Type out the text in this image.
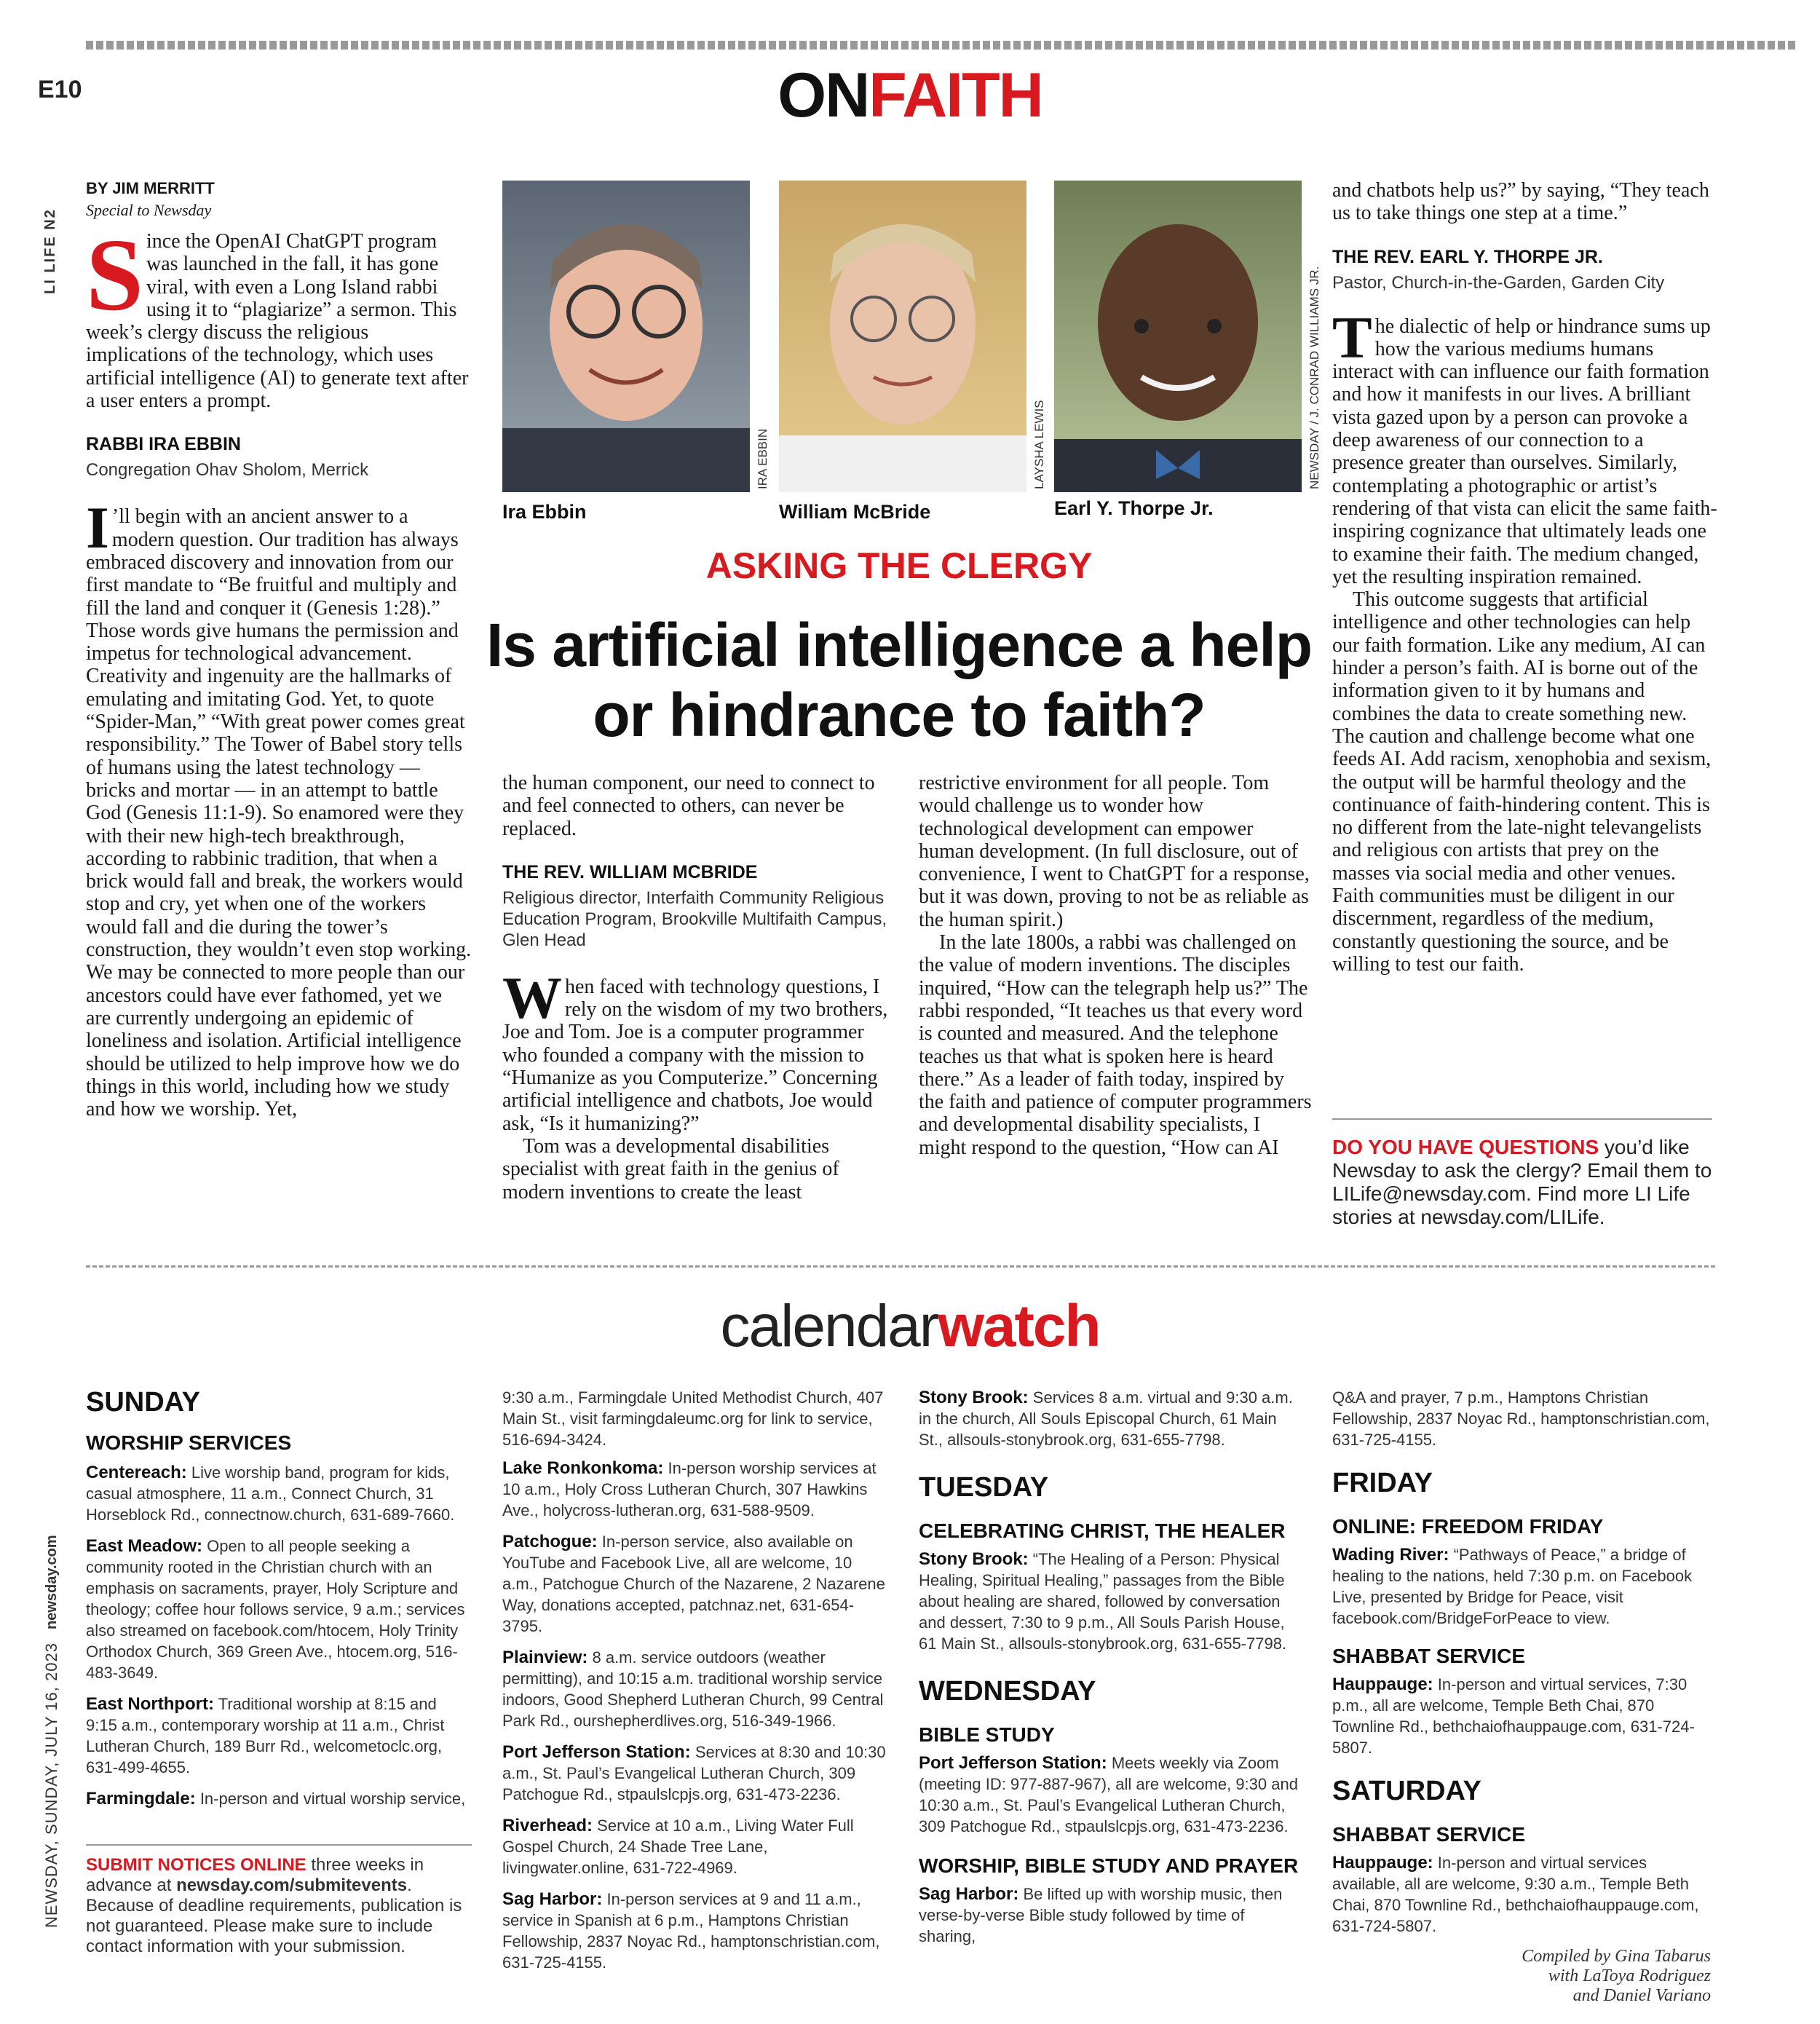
E10	ONFAITH
LI LIFE N2
NEWSDAY, SUNDAY, JULY 16, 2023
newsday.com
BY JIM MERRITT
Special to Newsday
Since the OpenAI ChatGPT program was launched in the fall, it has gone viral, with even a Long Island rabbi using it to “plagiarize” a sermon. This week’s clergy discuss the religious implications of the technology, which uses artificial intelligence (AI) to generate text after a user enters a prompt.
RABBI IRA EBBIN
Congregation Ohav Sholom, Merrick
I ’ll begin with an ancient answer to a modern question. Our tradition has always embraced discovery and innovation from our first mandate to “Be fruitful and multiply and fill the land and conquer it (Genesis 1:28).” Those words give humans the permission and impetus for technological advancement. Creativity and ingenuity are the hallmarks of emulating and imitating God. Yet, to quote “Spider-Man,” “With great power comes great responsibility.” The Tower of Babel story tells of humans using the latest technology — bricks and mortar — in an attempt to battle God (Genesis 11:1-9). So enamored were they with their new high-tech breakthrough, according to rabbinic tradition, that when a brick would fall and break, the workers would stop and cry, yet when one of the workers would fall and die during the tower’s construction, they wouldn’t even stop working. We may be connected to more people than our ancestors could have ever fathomed, yet we are currently undergoing an epidemic of loneliness and isolation. Artificial intelligence should be utilized to help improve how we do things in this world, including how we study and how we worship. Yet,
IRA EBBIN
Ira Ebbin
LAYSHA LEWIS
William McBride
NEWSDAY / J. CONRAD WILLIAMS JR.
Earl Y. Thorpe Jr.
ASKING THE CLERGY
Is artificial intelligence a help or hindrance to faith?
the human component, our need to connect to and feel connected to others, can never be replaced.
THE REV. WILLIAM MCBRIDE
Religious director, Interfaith Community Religious Education Program, Brookville Multifaith Campus, Glen Head
When faced with technology questions, I rely on the wisdom of my two brothers, Joe and Tom. Joe is a computer programmer who founded a company with the mission to “Humanize as you Computerize.” Concerning artificial intelligence and chatbots, Joe would ask, “Is it humanizing?”
Tom was a developmental disabilities specialist with great faith in the genius of modern inventions to create the least
restrictive environment for all people. Tom would challenge us to wonder how technological development can empower human development. (In full disclosure, out of convenience, I went to ChatGPT for a response, but it was down, proving to not be as reliable as the human spirit.)
In the late 1800s, a rabbi was challenged on the value of modern inventions. The disciples inquired, “How can the telegraph help us?” The rabbi responded, “It teaches us that every word is counted and measured. And the telephone teaches us that what is spoken here is heard there.” As a leader of faith today, inspired by the faith and patience of computer programmers and developmental disability specialists, I might respond to the question, “How can AI
and chatbots help us?” by saying, “They teach us to take things one step at a time.”
THE REV. EARL Y. THORPE JR.
Pastor, Church-in-the-Garden, Garden City
The dialectic of help or hindrance sums up how the various mediums humans interact with can influence our faith formation and how it manifests in our lives. A brilliant vista gazed upon by a person can provoke a deep awareness of our connection to a presence greater than ourselves. Similarly, contemplating a photographic or artist’s rendering of that vista can elicit the same faith-inspiring cognizance that ultimately leads one to examine their faith. The medium changed, yet the resulting inspiration remained.
This outcome suggests that artificial intelligence and other technologies can help our faith formation. Like any medium, AI can hinder a person’s faith. AI is borne out of the information given to it by humans and combines the data to create something new. The caution and challenge become what one feeds AI. Add racism, xenophobia and sexism, the output will be harmful theology and the continuance of faith-hindering content. This is no different from the late-night televangelists and religious con artists that prey on the masses via social media and other venues. Faith communities must be diligent in our discernment, regardless of the medium, constantly questioning the source, and be willing to test our faith.
DO YOU HAVE QUESTIONS you’d like Newsday to ask the clergy? Email them to LILife@newsday.com. Find more LI Life stories at newsday.com/LILife.
calendarwatch
SUNDAY
WORSHIP SERVICES
Centereach: Live worship band, program for kids, casual atmosphere, 11 a.m., Connect Church, 31 Horseblock Rd., connectnow.church, 631-689-7660.
East Meadow: Open to all people seeking a community rooted in the Christian church with an emphasis on sacraments, prayer, Holy Scripture and theology; coffee hour follows service, 9 a.m.; services also streamed on facebook.com/htocem, Holy Trinity Orthodox Church, 369 Green Ave., htocem.org, 516-483-3649.
East Northport: Traditional worship at 8:15 and 9:15 a.m., contemporary worship at 11 a.m., Christ Lutheran Church, 189 Burr Rd., welcometoclc.org, 631-499-4655.
Farmingdale: In-person and virtual worship service,
SUBMIT NOTICES ONLINE three weeks in advance at newsday.com/submitevents. Because of deadline requirements, publication is not guaranteed. Please make sure to include contact information with your submission.
9:30 a.m., Farmingdale United Methodist Church, 407 Main St., visit farmingdaleumc.org for link to service, 516-694-3424.
Lake Ronkonkoma: In-person worship services at 10 a.m., Holy Cross Lutheran Church, 307 Hawkins Ave., holycross-lutheran.org, 631-588-9509.
Patchogue: In-person service, also available on YouTube and Facebook Live, all are welcome, 10 a.m., Patchogue Church of the Nazarene, 2 Nazarene Way, donations accepted, patchnaz.net, 631-654-3795.
Plainview: 8 a.m. service outdoors (weather permitting), and 10:15 a.m. traditional worship service indoors, Good Shepherd Lutheran Church, 99 Central Park Rd., ourshepherdlives.org, 516-349-1966.
Port Jefferson Station: Services at 8:30 and 10:30 a.m., St. Paul’s Evangelical Lutheran Church, 309 Patchogue Rd., stpaulslcpjs.org, 631-473-2236.
Riverhead: Service at 10 a.m., Living Water Full Gospel Church, 24 Shade Tree Lane, livingwater.online, 631-722-4969.
Sag Harbor: In-person services at 9 and 11 a.m., service in Spanish at 6 p.m., Hamptons Christian Fellowship, 2837 Noyac Rd., hamptonschristian.com, 631-725-4155.
Stony Brook: Services 8 a.m. virtual and 9:30 a.m. in the church, All Souls Episcopal Church, 61 Main St., allsouls-stonybrook.org, 631-655-7798.
TUESDAY
CELEBRATING CHRIST, THE HEALER
Stony Brook: “The Healing of a Person: Physical Healing, Spiritual Healing,” passages from the Bible about healing are shared, followed by conversation and dessert, 7:30 to 9 p.m., All Souls Parish House, 61 Main St., allsouls-stonybrook.org, 631-655-7798.
WEDNESDAY
BIBLE STUDY
Port Jefferson Station: Meets weekly via Zoom (meeting ID: 977-887-967), all are welcome, 9:30 and 10:30 a.m., St. Paul’s Evangelical Lutheran Church, 309 Patchogue Rd., stpaulslcpjs.org, 631-473-2236.
WORSHIP, BIBLE STUDY AND PRAYER
Sag Harbor: Be lifted up with worship music, then verse-by-verse Bible study followed by time of sharing,
Q&A and prayer, 7 p.m., Hamptons Christian Fellowship, 2837 Noyac Rd., hamptonschristian.com, 631-725-4155.
FRIDAY
ONLINE: FREEDOM FRIDAY
Wading River: “Pathways of Peace,” a bridge of healing to the nations, held 7:30 p.m. on Facebook Live, presented by Bridge for Peace, visit facebook.com/BridgeForPeace to view.
SHABBAT SERVICE
Hauppauge: In-person and virtual services, 7:30 p.m., all are welcome, Temple Beth Chai, 870 Townline Rd., bethchaiofhauppauge.com, 631-724-5807.
SATURDAY
SHABBAT SERVICE
Hauppauge: In-person and virtual services available, all are welcome, 9:30 a.m., Temple Beth Chai, 870 Townline Rd., bethchaiofhauppauge.com, 631-724-5807.
Compiled by Gina Tabarus
with LaToya Rodriguez
and Daniel Variano
